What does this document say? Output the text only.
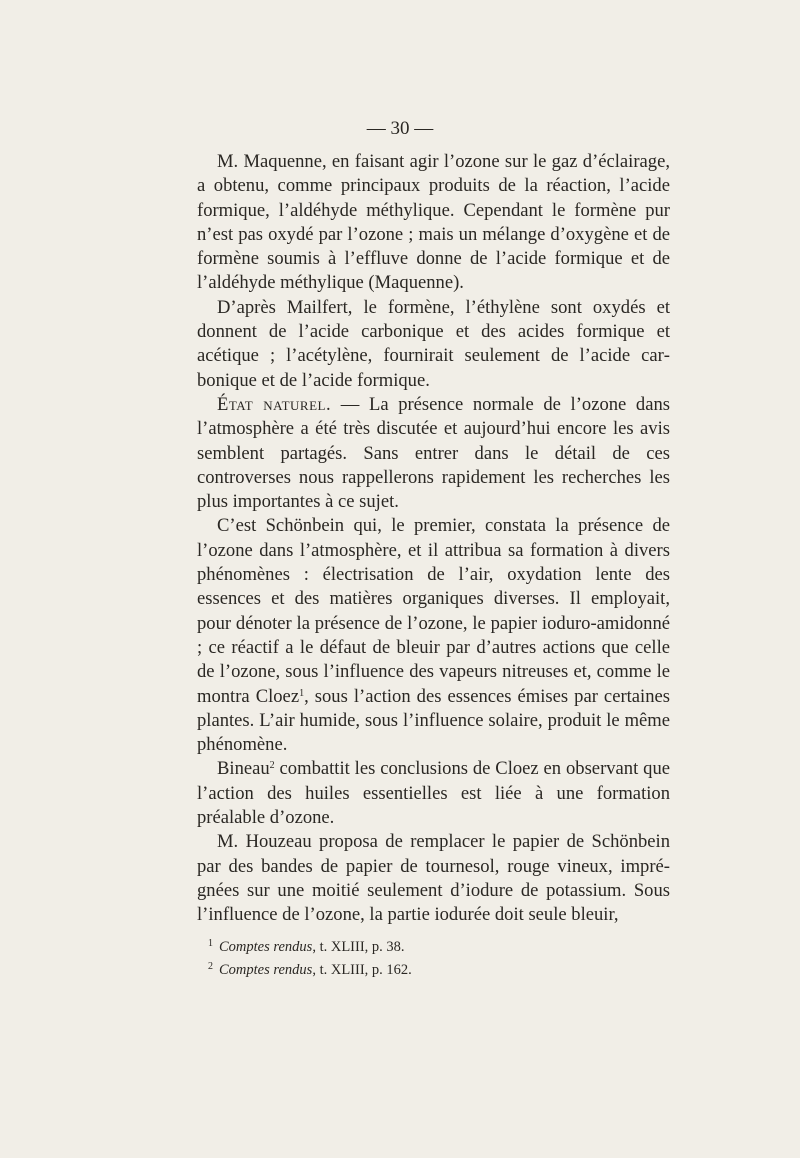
— 30 —

M. Maquenne, en faisant agir l’ozone sur le gaz d’éclairage, a obtenu, comme principaux produits de la réaction, l’acide formique, l’aldéhyde méthylique. Cependant le formène pur n’est pas oxydé par l’ozone ; mais un mélange d’oxygène et de formène soumis à l’effluve donne de l’acide formique et de l’aldéhyde méthylique (Maquenne).

D’après Mailfert, le formène, l’éthylène sont oxydés et donnent de l’acide carbonique et des acides formique et acétique ; l’acétylène, fournirait seulement de l’acide carbonique et de l’acide formique.

État naturel. — La présence normale de l’ozone dans l’atmosphère a été très discutée et aujourd’hui encore les avis semblent partagés. Sans entrer dans le détail de ces controverses nous rappellerons rapidement les recherches les plus importantes à ce sujet.

C’est Schönbein qui, le premier, constata la présence de l’ozone dans l’atmosphère, et il attribua sa formation à divers phénomènes : électrisation de l’air, oxydation lente des essences et des matières organiques diverses. Il employait, pour dénoter la présence de l’ozone, le papier ioduro-amidonné ; ce réactif a le défaut de bleuir par d’autres actions que celle de l’ozone, sous l’influence des vapeurs nitreuses et, comme le montra Cloez$^1$, sous l’action des essences émises par certaines plantes. L’air humide, sous l’influence solaire, produit le même phénomène.

Bineau$^2$ combattit les conclusions de Cloez en observant que l’action des huiles essentielles est liée à une formation préalable d’ozone.

M. Houzeau proposa de remplacer le papier de Schönbein par des bandes de papier de tournesol, rouge vineux, imprégnées sur une moitié seulement d’iodure de potassium. Sous l’influence de l’ozone, la partie iodurée doit seule bleuir,

$^1$ Comptes rendus, t. XLIII, p. 38.

$^2$ Comptes rendus, t. XLIII, p. 162.
